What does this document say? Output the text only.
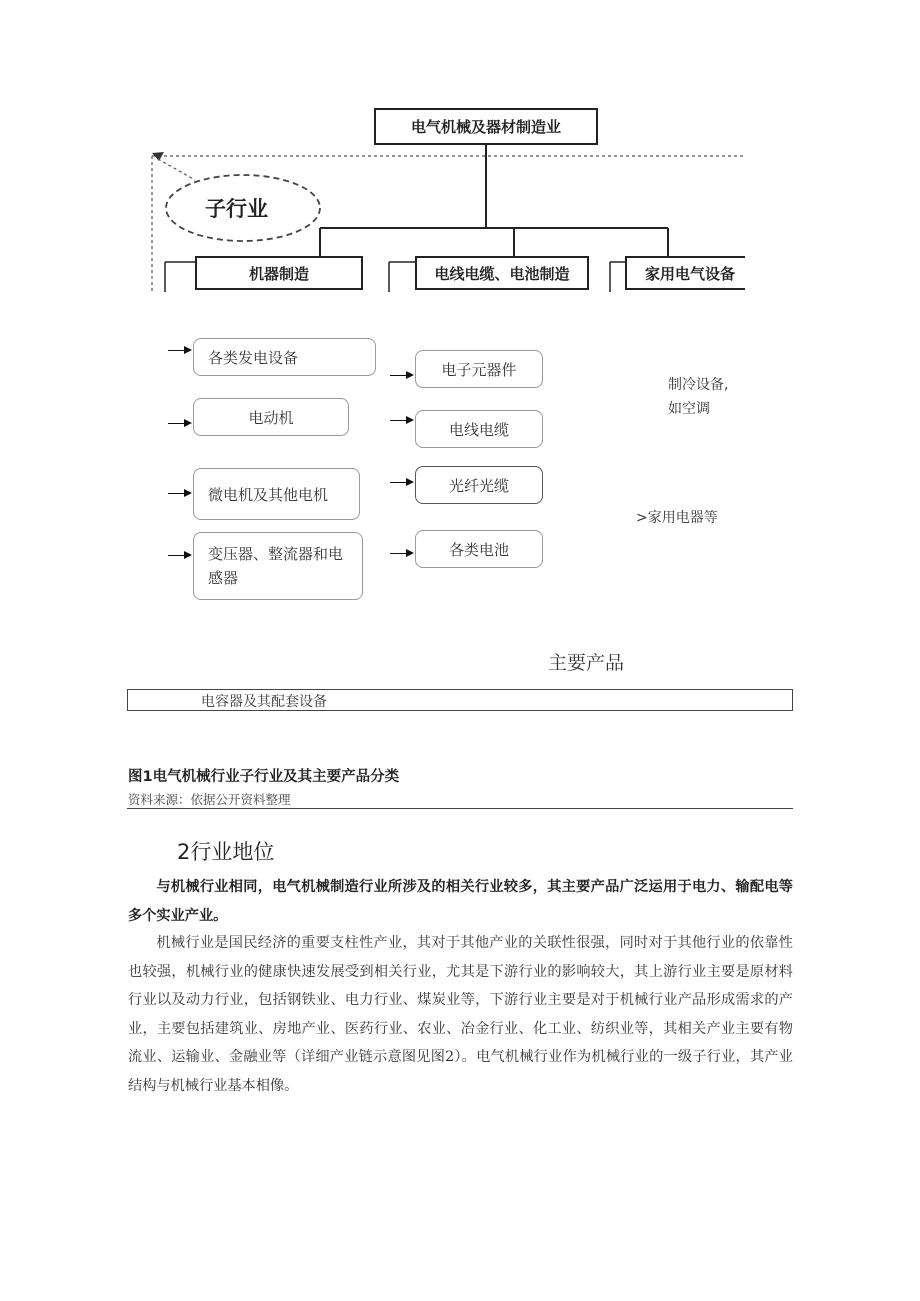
电气机械及器材制造业
子行业
机器制造	电线电缆、电池制造	家用电气设备
各类发电设备
电动机
微电机及其他电机
变压器、整流器和电感器
电子元器件
电线电缆
光纤光缆
各类电池
制冷设备,
如空调
>家用电器等
主要产品
电容器及其配套设备
图1电气机械行业子行业及其主要产品分类
资料来源：依据公开资料整理
2行业地位
与机械行业相同，电气机械制造行业所涉及的相关行业较多，其主要产品广泛运用于电力、输配电等多个实业产业。
机械行业是国民经济的重要支柱性产业，其对于其他产业的关联性很强，同时对于其他行业的依靠性也较强，机械行业的健康快速发展受到相关行业，尤其是下游行业的影响较大，其上游行业主要是原材料行业以及动力行业，包括钢铁业、电力行业、煤炭业等，下游行业主要是对于机械行业产品形成需求的产业，主要包括建筑业、房地产业、医药行业、农业、冶金行业、化工业、纺织业等，其相关产业主要有物流业、运输业、金融业等（详细产业链示意图见图2）。电气机械行业作为机械行业的一级子行业，其产业结构与机械行业基本相像。
